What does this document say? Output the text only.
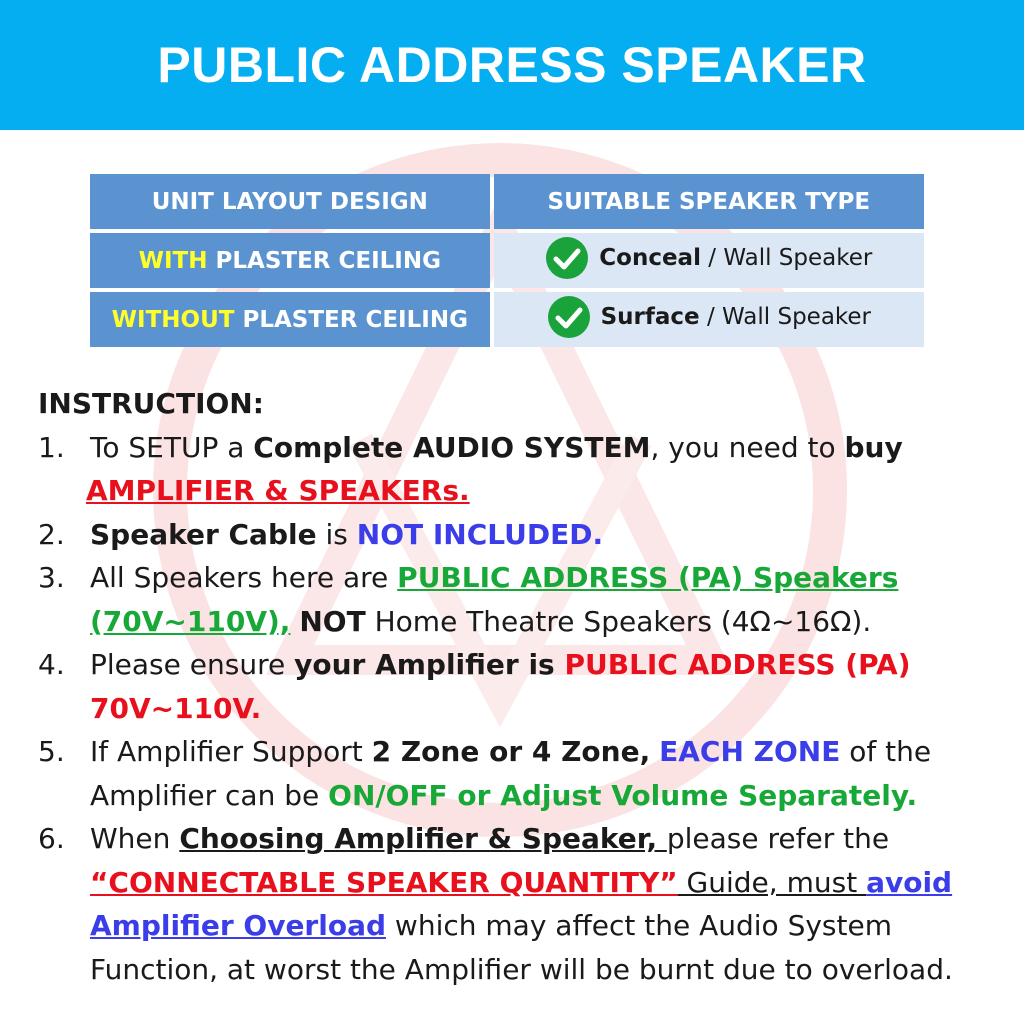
PUBLIC ADDRESS SPEAKER
UNIT LAYOUT DESIGN	SUITABLE SPEAKER TYPE
WITH PLASTER CEILING	Conceal / Wall Speaker

WITHOUT PLASTER CEILING	Surface / Wall Speaker

INSTRUCTION:

1. To SETUP a Complete AUDIO SYSTEM, you need to buy
AMPLIFIER & SPEAKERs.
2. Speaker Cable is NOT INCLUDED.
3. All Speakers here are PUBLIC ADDRESS (PA) Speakers (70V~110V), NOT Home Theatre Speakers (4Ω~16Ω).
4. Please ensure your Amplifier is PUBLIC ADDRESS (PA) 70V~110V.
5. If Amplifier Support 2 Zone or 4 Zone, EACH ZONE of the Amplifier can be ON/OFF or Adjust Volume Separately.
6. When Choosing Amplifier & Speaker, please refer the
“CONNECTABLE SPEAKER QUANTITY” Guide, must avoid Amplifier Overload which may affect the Audio System Function, at worst the Amplifier will be burnt due to overload.
